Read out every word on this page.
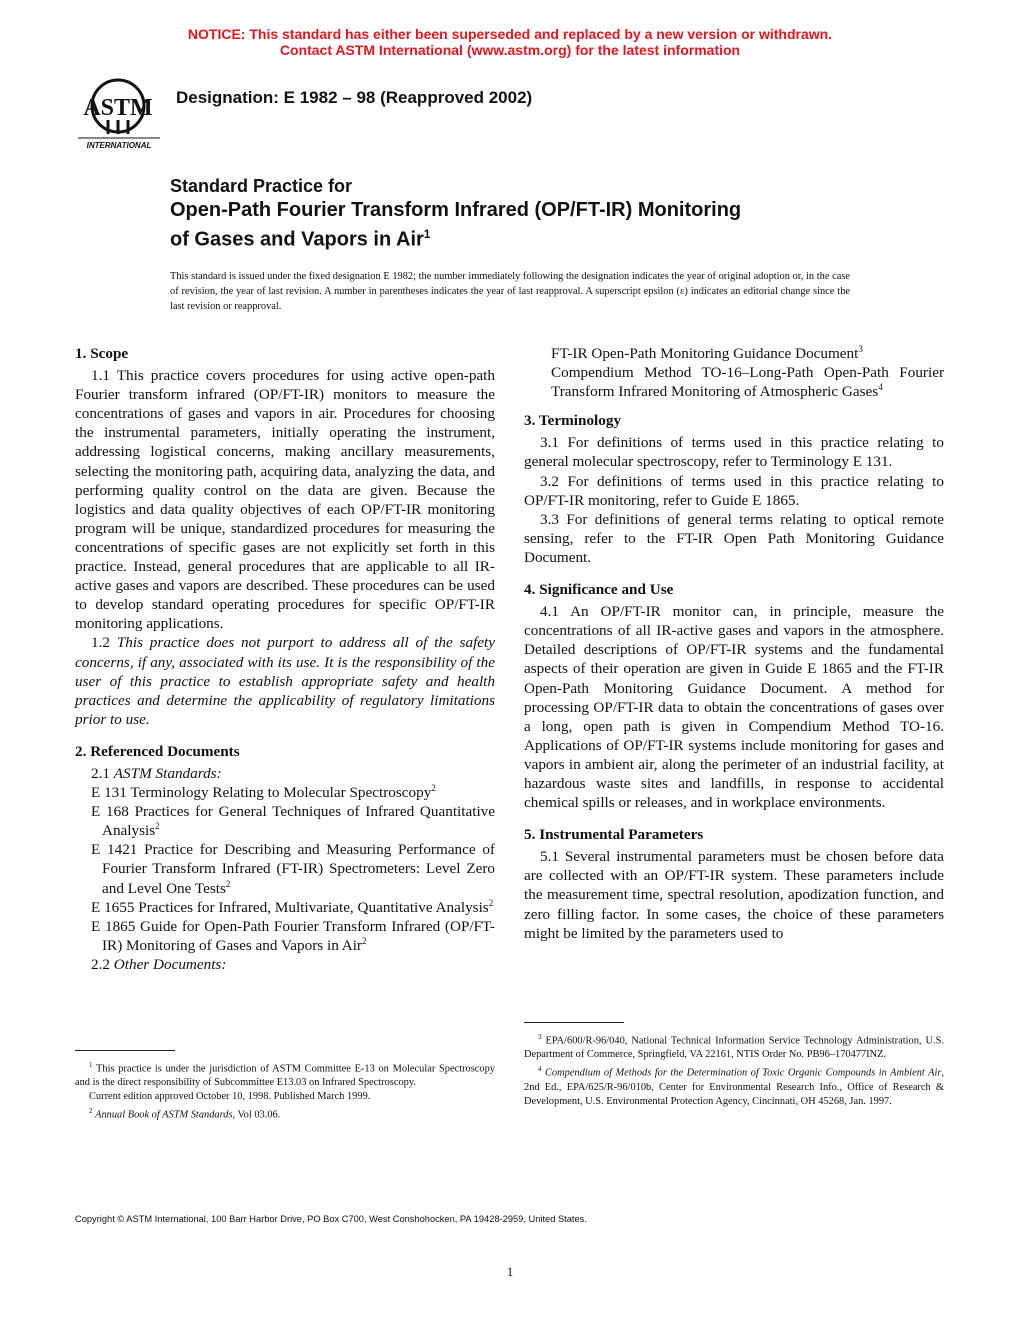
NOTICE: This standard has either been superseded and replaced by a new version or withdrawn.
Contact ASTM International (www.astm.org) for the latest information
ASTM
INTERNATIONAL
Designation: E 1982 – 98 (Reapproved 2002)
Standard Practice for
Open-Path Fourier Transform Infrared (OP/FT-IR) Monitoring
of Gases and Vapors in Air$^1$
This standard is issued under the fixed designation E 1982; the number immediately following the designation indicates the year of original adoption or, in the case of revision, the year of last revision. A number in parentheses indicates the year of last reapproval. A superscript epsilon (ε) indicates an editorial change since the last revision or reapproval.
1. Scope

1.1 This practice covers procedures for using active open-path Fourier transform infrared (OP/FT-IR) monitors to measure the concentrations of gases and vapors in air. Procedures for choosing the instrumental parameters, initially operating the instrument, addressing logistical concerns, making ancillary measurements, selecting the monitoring path, acquiring data, analyzing the data, and performing quality control on the data are given. Because the logistics and data quality objectives of each OP/FT-IR monitoring program will be unique, standardized procedures for measuring the concentrations of specific gases are not explicitly set forth in this practice. Instead, general procedures that are applicable to all IR-active gases and vapors are described. These procedures can be used to develop standard operating procedures for specific OP/FT-IR monitoring applications.

1.2 This practice does not purport to address all of the safety concerns, if any, associated with its use. It is the responsibility of the user of this practice to establish appropriate safety and health practices and determine the applicability of regulatory limitations prior to use.

2. Referenced Documents

2.1 ASTM Standards:

E 131 Terminology Relating to Molecular Spectroscopy$^2$

E 168 Practices for General Techniques of Infrared Quantitative Analysis$^2$

E 1421 Practice for Describing and Measuring Performance of Fourier Transform Infrared (FT-IR) Spectrometers: Level Zero and Level One Tests$^2$

E 1655 Practices for Infrared, Multivariate, Quantitative Analysis$^2$

E 1865 Guide for Open-Path Fourier Transform Infrared (OP/FT-IR) Monitoring of Gases and Vapors in Air$^2$

2.2 Other Documents:

FT-IR Open-Path Monitoring Guidance Document$^3$

Compendium Method TO-16–Long-Path Open-Path Fourier Transform Infrared Monitoring of Atmospheric Gases$^4$

3. Terminology

3.1 For definitions of terms used in this practice relating to general molecular spectroscopy, refer to Terminology E 131.

3.2 For definitions of terms used in this practice relating to OP/FT-IR monitoring, refer to Guide E 1865.

3.3 For definitions of general terms relating to optical remote sensing, refer to the FT-IR Open Path Monitoring Guidance Document.

4. Significance and Use

4.1 An OP/FT-IR monitor can, in principle, measure the concentrations of all IR-active gases and vapors in the atmosphere. Detailed descriptions of OP/FT-IR systems and the fundamental aspects of their operation are given in Guide E 1865 and the FT-IR Open-Path Monitoring Guidance Document. A method for processing OP/FT-IR data to obtain the concentrations of gases over a long, open path is given in Compendium Method TO-16. Applications of OP/FT-IR systems include monitoring for gases and vapors in ambient air, along the perimeter of an industrial facility, at hazardous waste sites and landfills, in response to accidental chemical spills or releases, and in workplace environments.

5. Instrumental Parameters

5.1 Several instrumental parameters must be chosen before data are collected with an OP/FT-IR system. These parameters include the measurement time, spectral resolution, apodization function, and zero filling factor. In some cases, the choice of these parameters might be limited by the parameters used to

$^1$ This practice is under the jurisdiction of ASTM Committee E-13 on Molecular Spectroscopy and is the direct responsibility of Subcommittee E13.03 on Infrared Spectroscopy.

Current edition approved October 10, 1998. Published March 1999.

$^2$ Annual Book of ASTM Standards, Vol 03.06.

$^3$ EPA/600/R-96/040, National Technical Information Service Technology Administration, U.S. Department of Commerce, Springfield, VA 22161, NTIS Order No. PB96–170477INZ.

$^4$ Compendium of Methods for the Determination of Toxic Organic Compounds in Ambient Air, 2nd Ed., EPA/625/R-96/010b, Center for Environmental Research Info., Office of Research & Development, U.S. Environmental Protection Agency, Cincinnati, OH 45268, Jan. 1997.

Copyright © ASTM International, 100 Barr Harbor Drive, PO Box C700, West Conshohocken, PA 19428-2959, United States.
1
